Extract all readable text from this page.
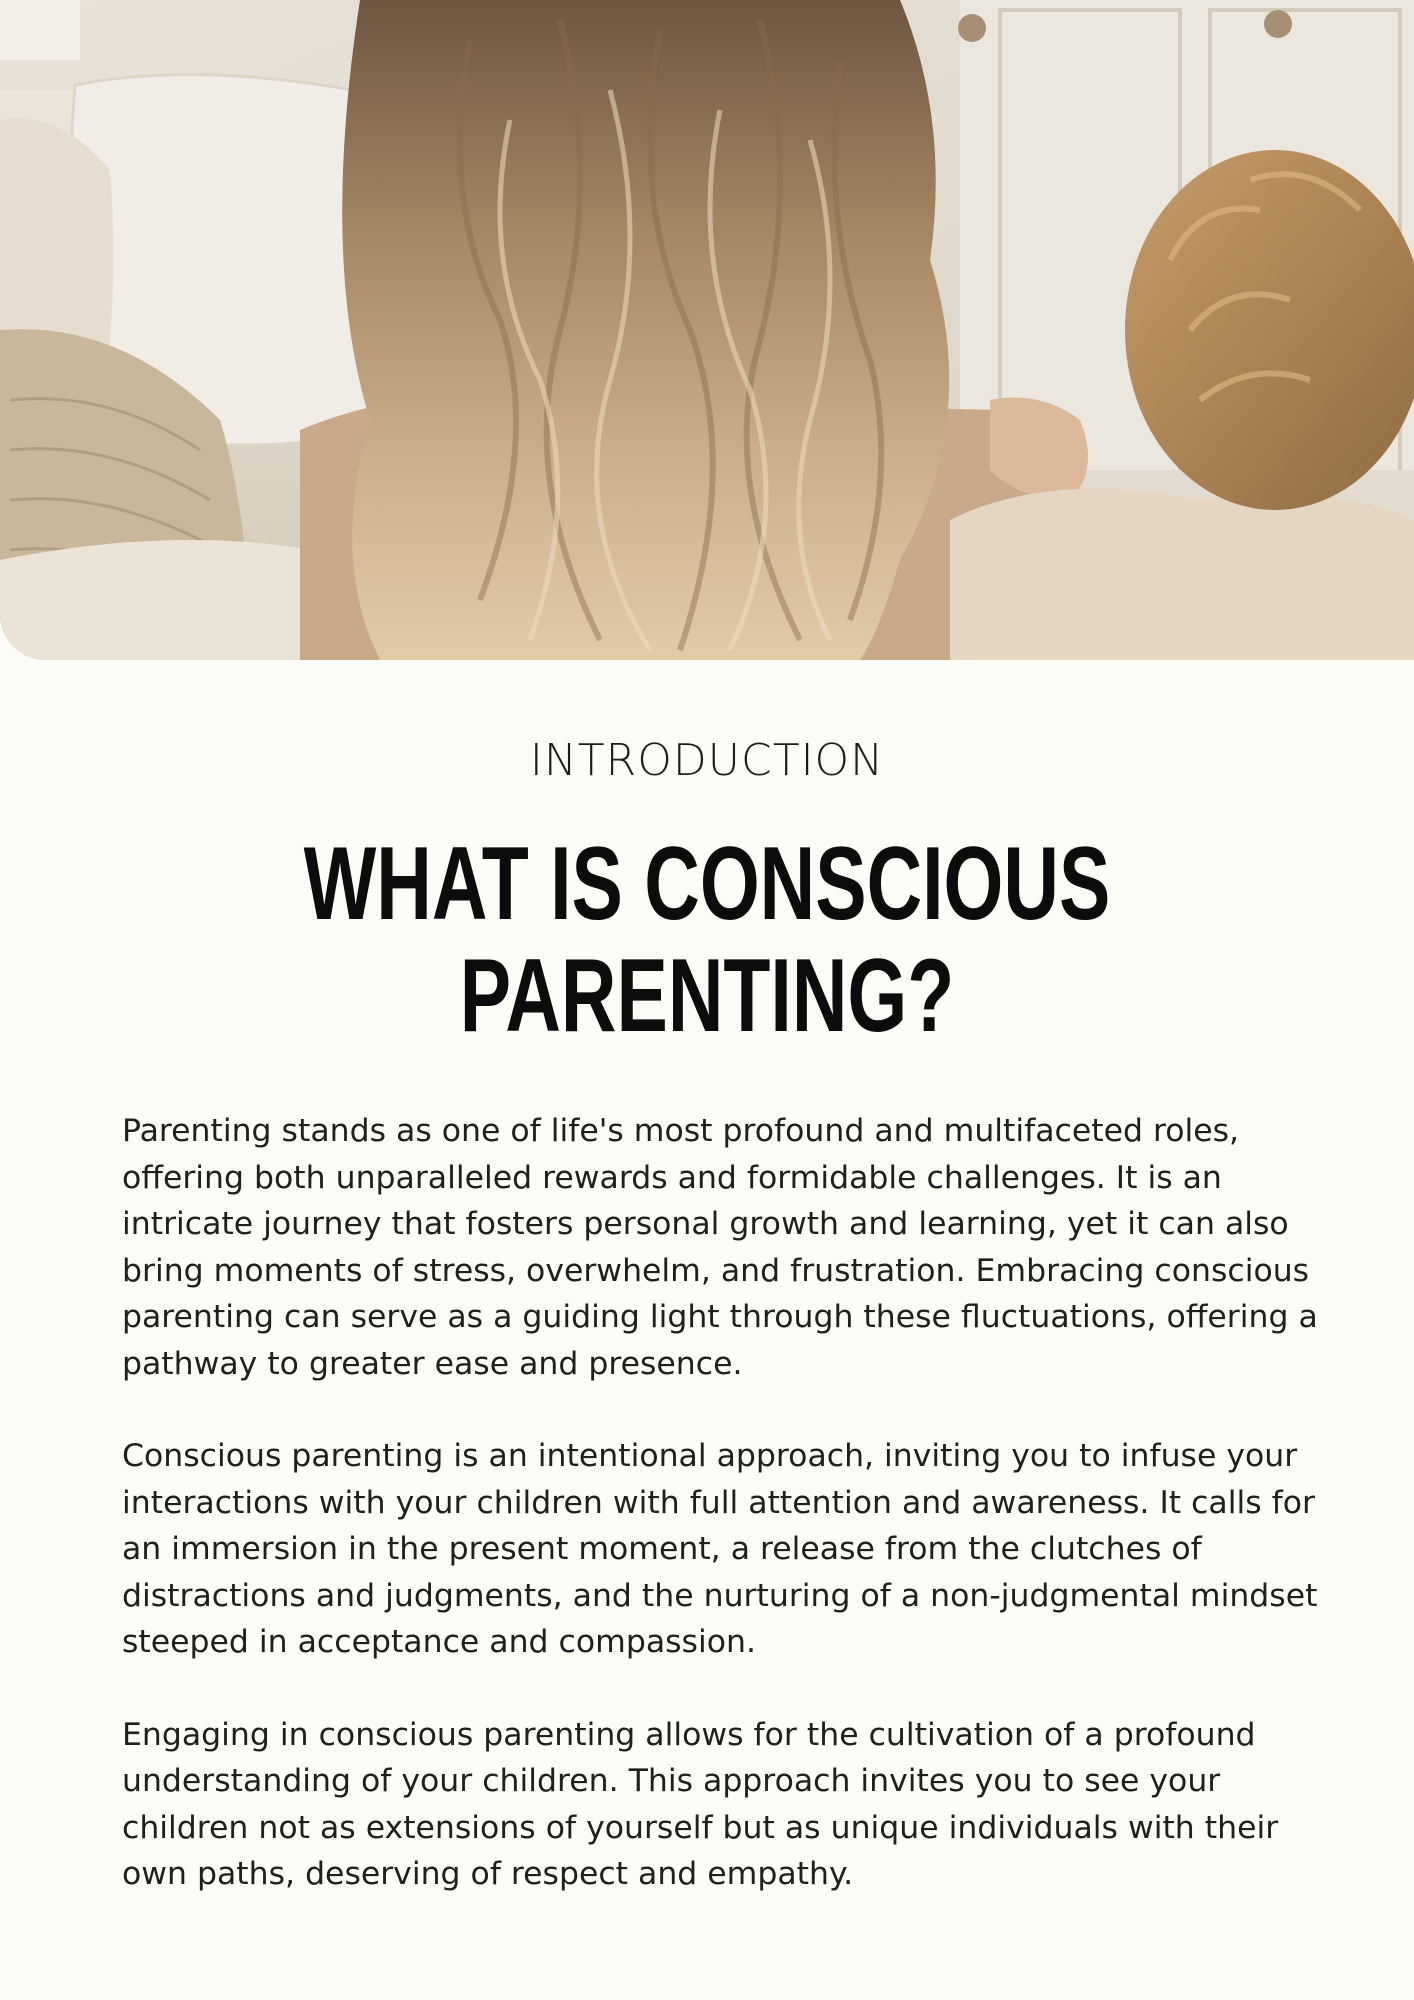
INTRODUCTION

WHAT IS CONSCIOUS
PARENTING?

Parenting stands as one of life's most profound and multifaceted roles, offering both unparalleled rewards and formidable challenges. It is an intricate journey that fosters personal growth and learning, yet it can also bring moments of stress, overwhelm, and frustration. Embracing conscious parenting can serve as a guiding light through these fluctuations, offering a pathway to greater ease and presence.

Conscious parenting is an intentional approach, inviting you to infuse your interactions with your children with full attention and awareness. It calls for an immersion in the present moment, a release from the clutches of distractions and judgments, and the nurturing of a non-judgmental mindset steeped in acceptance and compassion.

Engaging in conscious parenting allows for the cultivation of a profound understanding of your children. This approach invites you to see your children not as extensions of yourself but as unique individuals with their own paths, deserving of respect and empathy.
